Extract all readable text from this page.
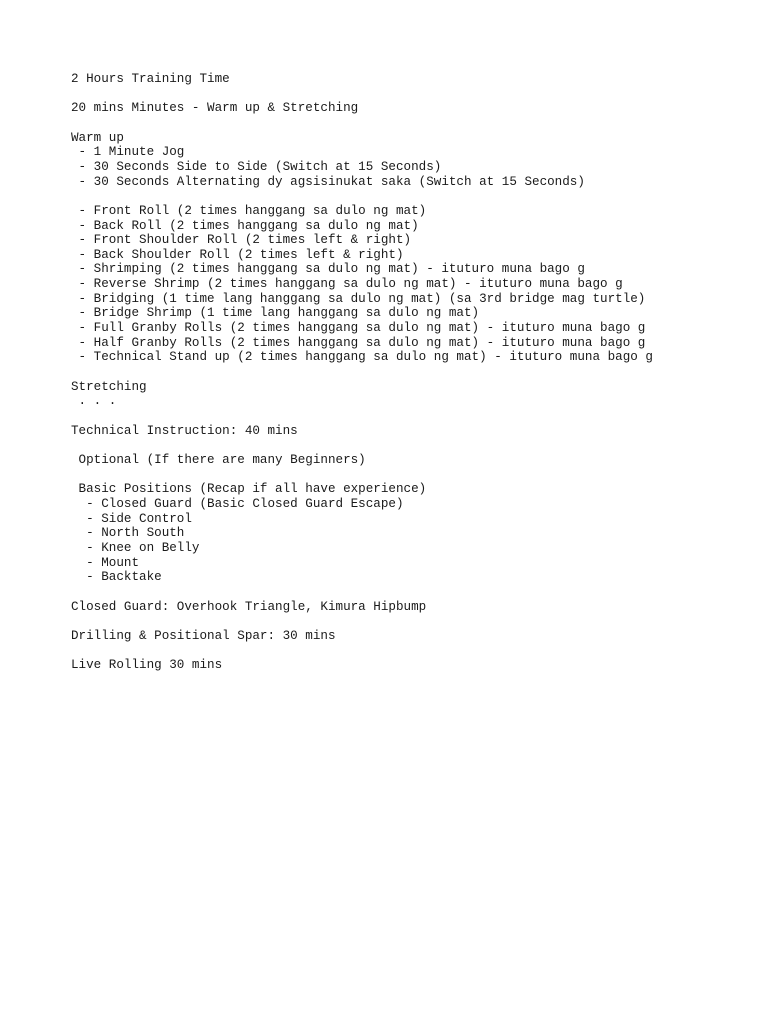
2 Hours Training Time
20 mins Minutes - Warm up & Stretching
Warm up
- 1 Minute Jog
- 30 Seconds Side to Side (Switch at 15 Seconds)
- 30 Seconds Alternating dy agsisinukat saka (Switch at 15 Seconds)
- Front Roll (2 times hanggang sa dulo ng mat)
- Back Roll (2 times hanggang sa dulo ng mat)
- Front Shoulder Roll (2 times left & right)
- Back Shoulder Roll (2 times left & right)
- Shrimping (2 times hanggang sa dulo ng mat) - ituturo muna bago g
- Reverse Shrimp (2 times hanggang sa dulo ng mat) - ituturo muna bago g
- Bridging (1 time lang hanggang sa dulo ng mat) (sa 3rd bridge mag turtle)
- Bridge Shrimp (1 time lang hanggang sa dulo ng mat)
- Full Granby Rolls (2 times hanggang sa dulo ng mat) - ituturo muna bago g
- Half Granby Rolls (2 times hanggang sa dulo ng mat) - ituturo muna bago g
- Technical Stand up (2 times hanggang sa dulo ng mat) - ituturo muna bago g
Stretching
. . .
Technical Instruction: 40 mins
Optional (If there are many Beginners)
Basic Positions (Recap if all have experience)
- Closed Guard (Basic Closed Guard Escape)
- Side Control
- North South
- Knee on Belly
- Mount
- Backtake
Closed Guard: Overhook Triangle, Kimura Hipbump
Drilling & Positional Spar: 30 mins
Live Rolling 30 mins
